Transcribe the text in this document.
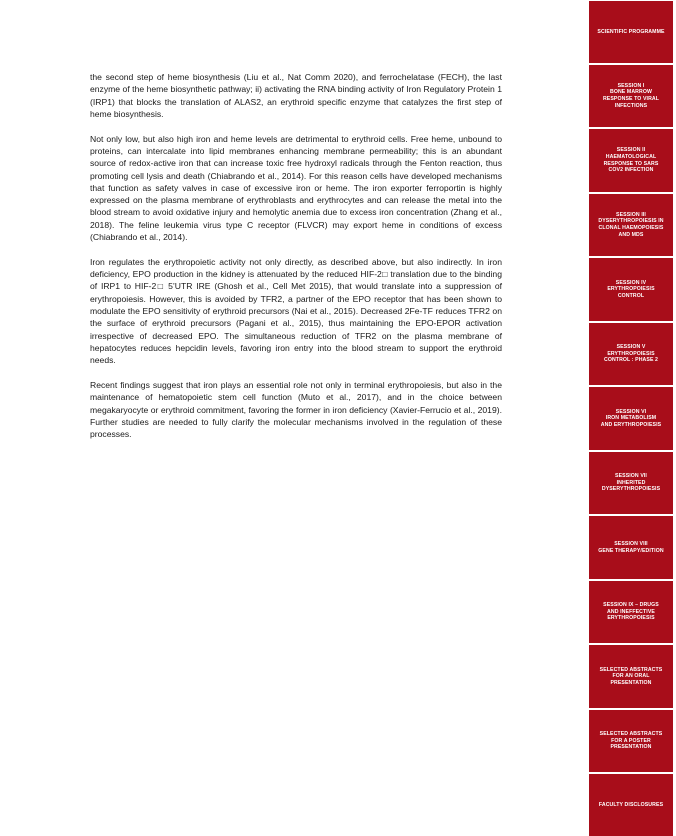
the second step of heme biosynthesis (Liu et al., Nat Comm 2020), and ferrochelatase (FECH), the last enzyme of the heme biosynthetic pathway; ii) activating the RNA binding activity of Iron Regulatory Protein 1 (IRP1) that blocks the translation of ALAS2, an erythroid specific enzyme that catalyzes the first step of heme biosynthesis.

Not only low, but also high iron and heme levels are detrimental to erythroid cells. Free heme, unbound to proteins, can intercalate into lipid membranes enhancing membrane permeability; this is an abundant source of redox-active iron that can increase toxic free hydroxyl radicals through the Fenton reaction, thus promoting cell lysis and death (Chiabrando et al., 2014). For this reason cells have developed mechanisms that function as safety valves in case of excessive iron or heme. The iron exporter ferroportin is highly expressed on the plasma membrane of erythroblasts and erythrocytes and can release the metal into the blood stream to avoid oxidative injury and hemolytic anemia due to excess iron concentration (Zhang et al., 2018). The feline leukemia virus type C receptor (FLVCR) may export heme in conditions of excess (Chiabrando et al., 2014).

Iron regulates the erythropoietic activity not only directly, as described above, but also indirectly. In iron deficiency, EPO production in the kidney is attenuated by the reduced HIF-2□ translation due to the binding of IRP1 to HIF-2□ 5’UTR IRE (Ghosh et al., Cell Met 2015), that would translate into a suppression of erythropoiesis. However, this is avoided by TFR2, a partner of the EPO receptor that has been shown to modulate the EPO sensitivity of erythroid precursors (Nai et al., 2015). Decreased 2Fe-TF reduces TFR2 on the surface of erythroid precursors (Pagani et al., 2015), thus maintaining the EPO-EPOR activation irrespective of decreased EPO. The simultaneous reduction of TFR2 on the plasma membrane of hepatocytes reduces hepcidin levels, favoring iron entry into the blood stream to support the erythroid needs.

Recent findings suggest that iron plays an essential role not only in terminal erythropoiesis, but also in the maintenance of hematopoietic stem cell function (Muto et al., 2017), and in the choice between megakaryocyte or erythroid commitment, favoring the former in iron deficiency (Xavier-Ferrucio et al., 2019). Further studies are needed to fully clarify the molecular mechanisms involved in the regulation of these processes.

SCIENTIFIC PROGRAMME
SESSION I
BONE MARROW
RESPONSE TO VIRAL
INFECTIONS
SESSION II
HAEMATOLOGICAL
RESPONSE TO SARS
COV2 INFECTION
SESSION III
DYSERYTHROPOIESIS IN
CLONAL HAEMOPOIESIS
AND MDS
SESSION IV
ERYTHROPOIESIS
CONTROL
SESSION V
ERYTHROPOIESIS
CONTROL : PHASE 2
SESSION VI
IRON METABOLISM
AND ERYTHROPOIESIS
SESSION VII
INHERITED
DYSERYTHROPOIESIS
SESSION VIII
GENE THERAPY/EDITION
SESSION IX – DRUGS
AND INEFFECTIVE
ERYTHROPOIESIS
SELECTED ABSTRACTS
FOR AN ORAL
PRESENTATION
SELECTED ABSTRACTS
FOR A POSTER
PRESENTATION
FACULTY DISCLOSURES
